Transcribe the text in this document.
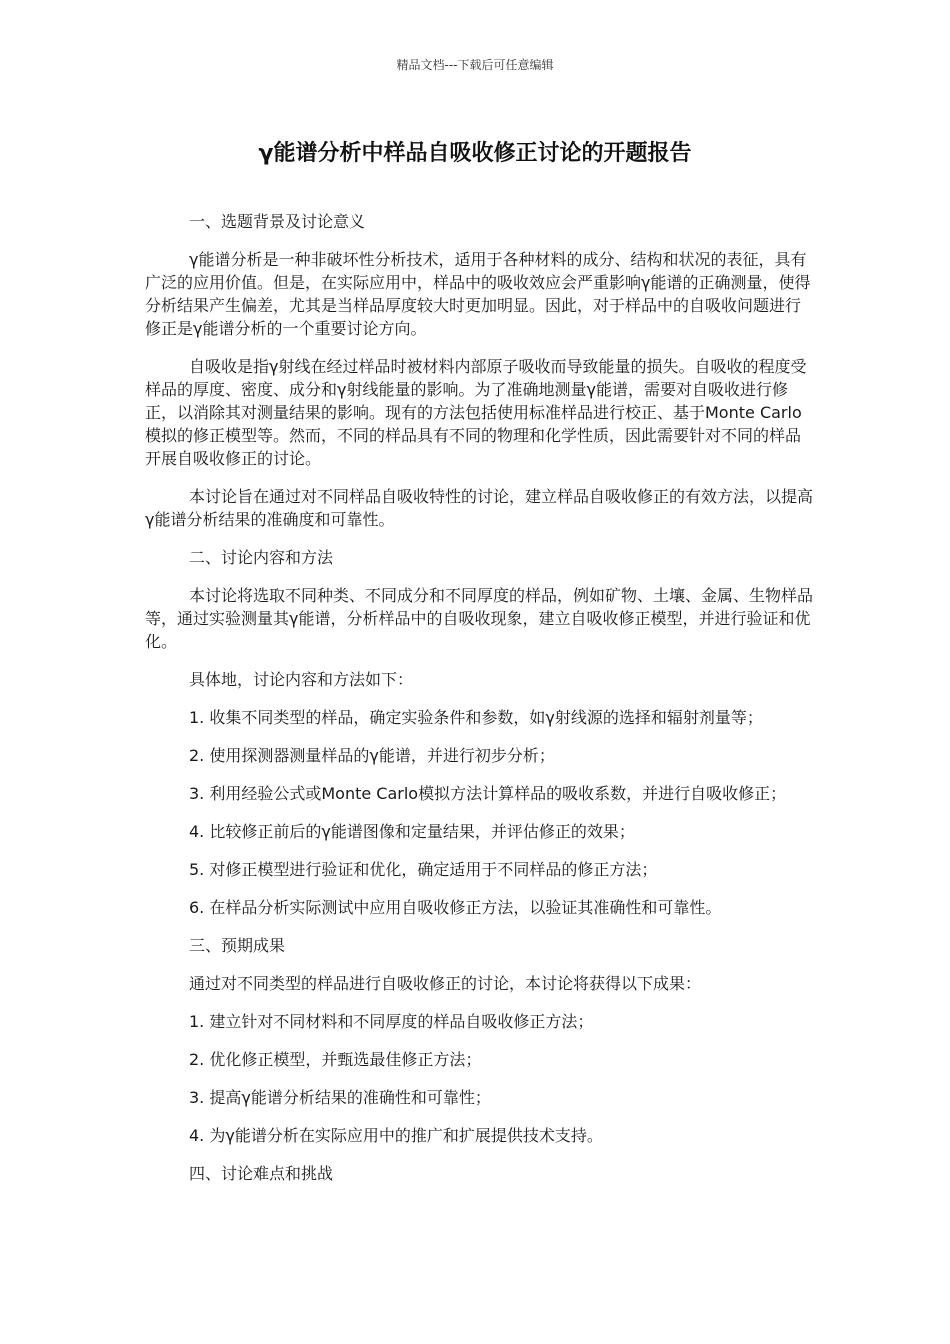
精品文档---下载后可任意编辑
γ能谱分析中样品自吸收修正讨论的开题报告

一、选题背景及讨论意义

γ能谱分析是一种非破坏性分析技术，适用于各种材料的成分、结构和状况的表征，具有广泛的应用价值。但是，在实际应用中，样品中的吸收效应会严重影响γ能谱的正确测量，使得分析结果产生偏差，尤其是当样品厚度较大时更加明显。因此，对于样品中的自吸收问题进行修正是γ能谱分析的一个重要讨论方向。

自吸收是指γ射线在经过样品时被材料内部原子吸收而导致能量的损失。自吸收的程度受样品的厚度、密度、成分和γ射线能量的影响。为了准确地测量γ能谱，需要对自吸收进行修正，以消除其对测量结果的影响。现有的方法包括使用标准样品进行校正、基于Monte Carlo模拟的修正模型等。然而，不同的样品具有不同的物理和化学性质，因此需要针对不同的样品开展自吸收修正的讨论。

本讨论旨在通过对不同样品自吸收特性的讨论，建立样品自吸收修正的有效方法，以提高γ能谱分析结果的准确度和可靠性。

二、讨论内容和方法

本讨论将选取不同种类、不同成分和不同厚度的样品，例如矿物、土壤、金属、生物样品等，通过实验测量其γ能谱，分析样品中的自吸收现象，建立自吸收修正模型，并进行验证和优化。

具体地，讨论内容和方法如下：

1. 收集不同类型的样品，确定实验条件和参数，如γ射线源的选择和辐射剂量等；

2. 使用探测器测量样品的γ能谱，并进行初步分析；

3. 利用经验公式或Monte Carlo模拟方法计算样品的吸收系数，并进行自吸收修正；

4. 比较修正前后的γ能谱图像和定量结果，并评估修正的效果；

5. 对修正模型进行验证和优化，确定适用于不同样品的修正方法；

6. 在样品分析实际测试中应用自吸收修正方法，以验证其准确性和可靠性。

三、预期成果

通过对不同类型的样品进行自吸收修正的讨论，本讨论将获得以下成果：

1. 建立针对不同材料和不同厚度的样品自吸收修正方法；

2. 优化修正模型，并甄选最佳修正方法；

3. 提高γ能谱分析结果的准确性和可靠性；

4. 为γ能谱分析在实际应用中的推广和扩展提供技术支持。

四、讨论难点和挑战
